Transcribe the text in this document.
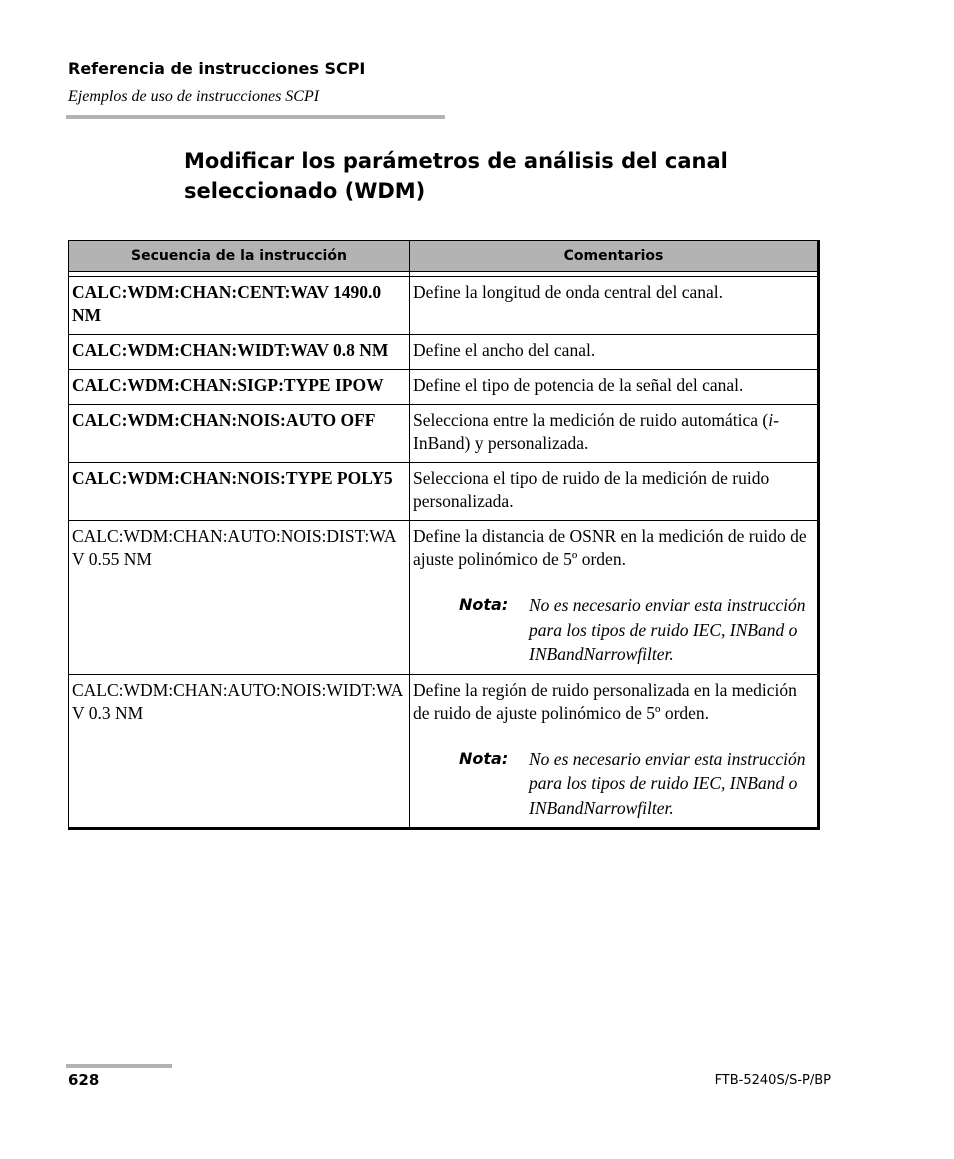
Referencia de instrucciones SCPI
Ejemplos de uso de instrucciones SCPI
Modificar los parámetros de análisis del canal seleccionado (WDM)
Secuencia de la instrucción	Comentarios

CALC:WDM:CHAN:CENT:WAV 1490.0 NM	Define la longitud de onda central del canal.
CALC:WDM:CHAN:WIDT:WAV 0.8 NM	Define el ancho del canal.
CALC:WDM:CHAN:SIGP:TYPE IPOW	Define el tipo de potencia de la señal del canal.
CALC:WDM:CHAN:NOIS:AUTO OFF	Selecciona entre la medición de ruido automática (i-InBand) y personalizada.
CALC:WDM:CHAN:NOIS:TYPE POLY5	Selecciona el tipo de ruido de la medición de ruido personalizada.
CALC:WDM:CHAN:AUTO:NOIS:DIST:WAV 0.55 NM	Define la distancia de OSNR en la medición de ruido de ajuste polinómico de 5º orden.
Nota: No es necesario enviar esta instrucción para los tipos de ruido IEC, INBand o INBandNarrowfilter.

CALC:WDM:CHAN:AUTO:NOIS:WIDT:WAV 0.3 NM	Define la región de ruido personalizada en la medición de ruido de ajuste polinómico de 5º orden.
Nota: No es necesario enviar esta instrucción para los tipos de ruido IEC, INBand o INBandNarrowfilter.
628	FTB-5240S/S-P/BP
